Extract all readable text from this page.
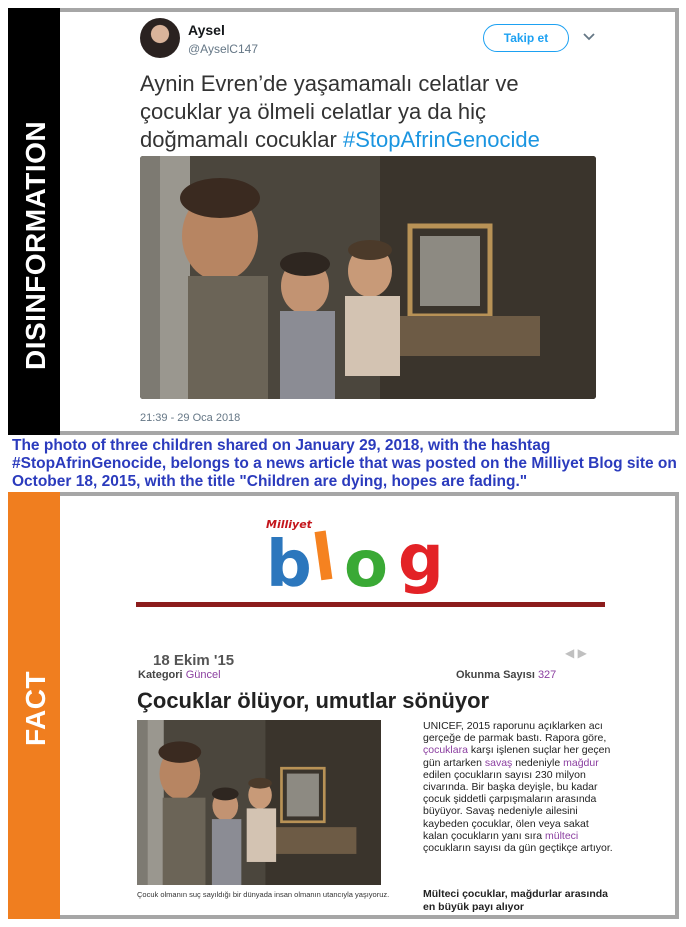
DISINFORMATION
Aysel
@AyselC147
Takip et
Aynin Evren’de yaşamamalı celatlar ve çocuklar ya ölmeli celatlar ya da hiç doğmamalı cocuklar #StopAfrinGenocide
21:39 - 29 Oca 2018
The photo of three children shared on January 29, 2018, with the hashtag #StopAfrinGenocide, belongs to a news article that was posted on the Milliyet Blog site on October 18, 2015, with the title "Children are dying, hopes are fading."
FACT
Milliyet
b
l o g
18 Ekim '15	◀ ▶
Kategori Güncel	Okunma Sayısı 327
Çocuklar ölüyor, umutlar sönüyor
Çocuk olmanın suç sayıldığı bir dünyada insan olmanın utancıyla yaşıyoruz.
UNICEF, 2015 raporunu açıklarken acı gerçeğe de parmak bastı. Rapora göre, çocuklara karşı işlenen suçlar her geçen gün artarken savaş nedeniyle mağdur edilen çocukların sayısı 230 milyon civarında. Bir başka deyişle, bu kadar çocuk şiddetli çarpışmaların arasında büyüyor. Savaş nedeniyle ailesini kaybeden çocuklar, ölen veya sakat kalan çocukların yanı sıra mülteci çocukların sayısı da gün geçtikçe artıyor.
Mülteci çocuklar, mağdurlar arasında en büyük payı alıyor
